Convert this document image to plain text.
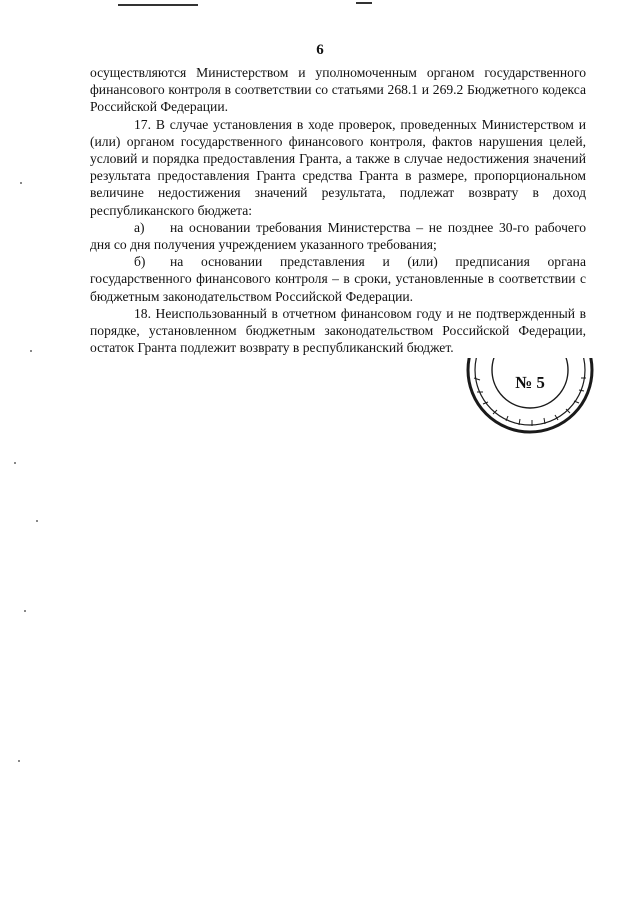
6

осуществляются Министерством и уполномоченным органом государственного финансового контроля в соответствии со статьями 268.1 и 269.2 Бюджетного кодекса Российской Федерации.

17. В случае установления в ходе проверок, проведенных Министерством и (или) органом государственного финансового контроля, фактов нарушения целей, условий и порядка предоставления Гранта, а также в случае недостижения значений результата предоставления Гранта средства Гранта в размере, пропорциональном величине недостижения значений результата, подлежат возврату в доход республиканского бюджета:

а) на основании требования Министерства – не позднее 30-го рабочего дня со дня получения учреждением указанного требования;

б) на основании представления и (или) предписания органа государственного финансового контроля – в сроки, установленные в соответствии с бюджетным законодательством Российской Федерации.

18. Неиспользованный в отчетном финансовом году и не подтвержденный в порядке, установленном бюджетным законодательством Российской Федерации, остаток Гранта подлежит возврату в республиканский бюджет.

№ 5
